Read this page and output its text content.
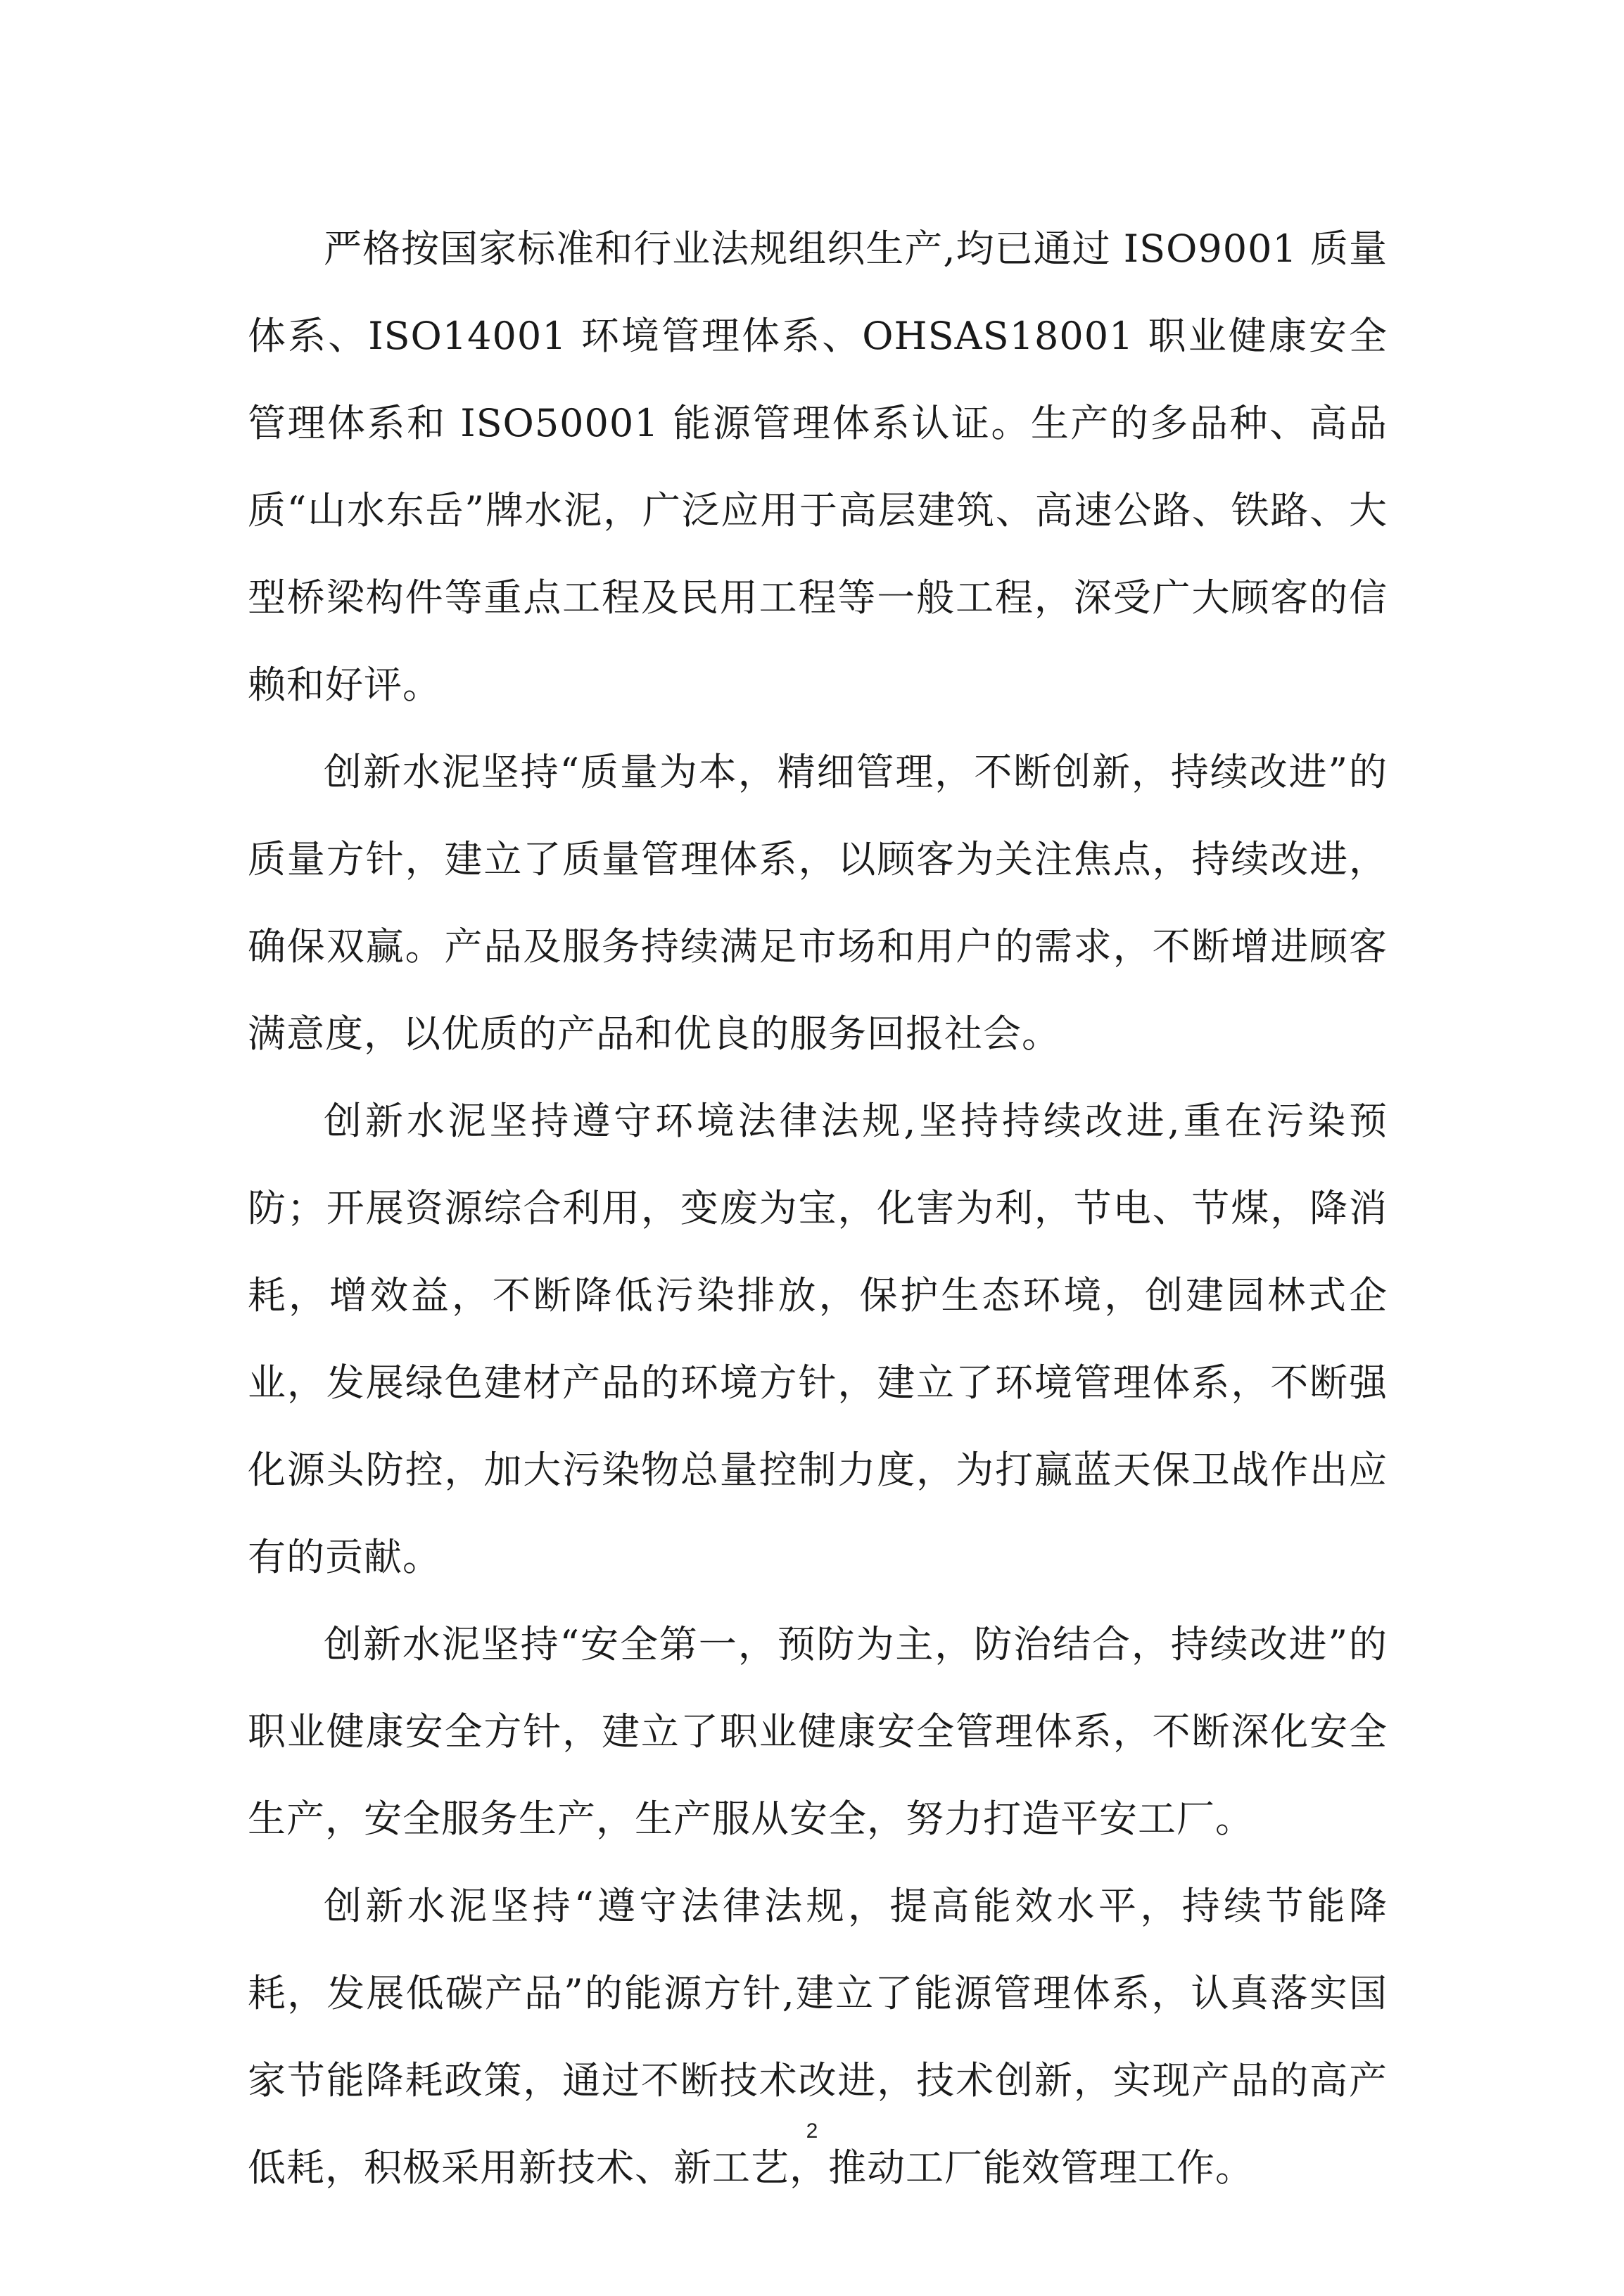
严格按国家标准和行业法规组织生产,均已通过 ISO9001 质量体系、ISO14001 环境管理体系、OHSAS18001 职业健康安全管理体系和 ISO50001 能源管理体系认证。生产的多品种、高品质“山水东岳”牌水泥，广泛应用于高层建筑、高速公路、铁路、大型桥梁构件等重点工程及民用工程等一般工程，深受广大顾客的信赖和好评。

创新水泥坚持“质量为本，精细管理，不断创新，持续改进”的质量方针，建立了质量管理体系，以顾客为关注焦点，持续改进，确保双赢。产品及服务持续满足市场和用户的需求，不断增进顾客满意度，以优质的产品和优良的服务回报社会。

创新水泥坚持遵守环境法律法规,坚持持续改进,重在污染预防；开展资源综合利用，变废为宝，化害为利，节电、节煤，降消耗，增效益，不断降低污染排放，保护生态环境，创建园林式企业，发展绿色建材产品的环境方针，建立了环境管理体系，不断强化源头防控，加大污染物总量控制力度，为打赢蓝天保卫战作出应有的贡献。

创新水泥坚持“安全第一，预防为主，防治结合，持续改进”的职业健康安全方针，建立了职业健康安全管理体系，不断深化安全生产，安全服务生产，生产服从安全，努力打造平安工厂。

创新水泥坚持“遵守法律法规，提高能效水平，持续节能降耗，发展低碳产品”的能源方针,建立了能源管理体系，认真落实国家节能降耗政策，通过不断技术改进，技术创新，实现产品的高产低耗，积极采用新技术、新工艺，推动工厂能效管理工作。

2
